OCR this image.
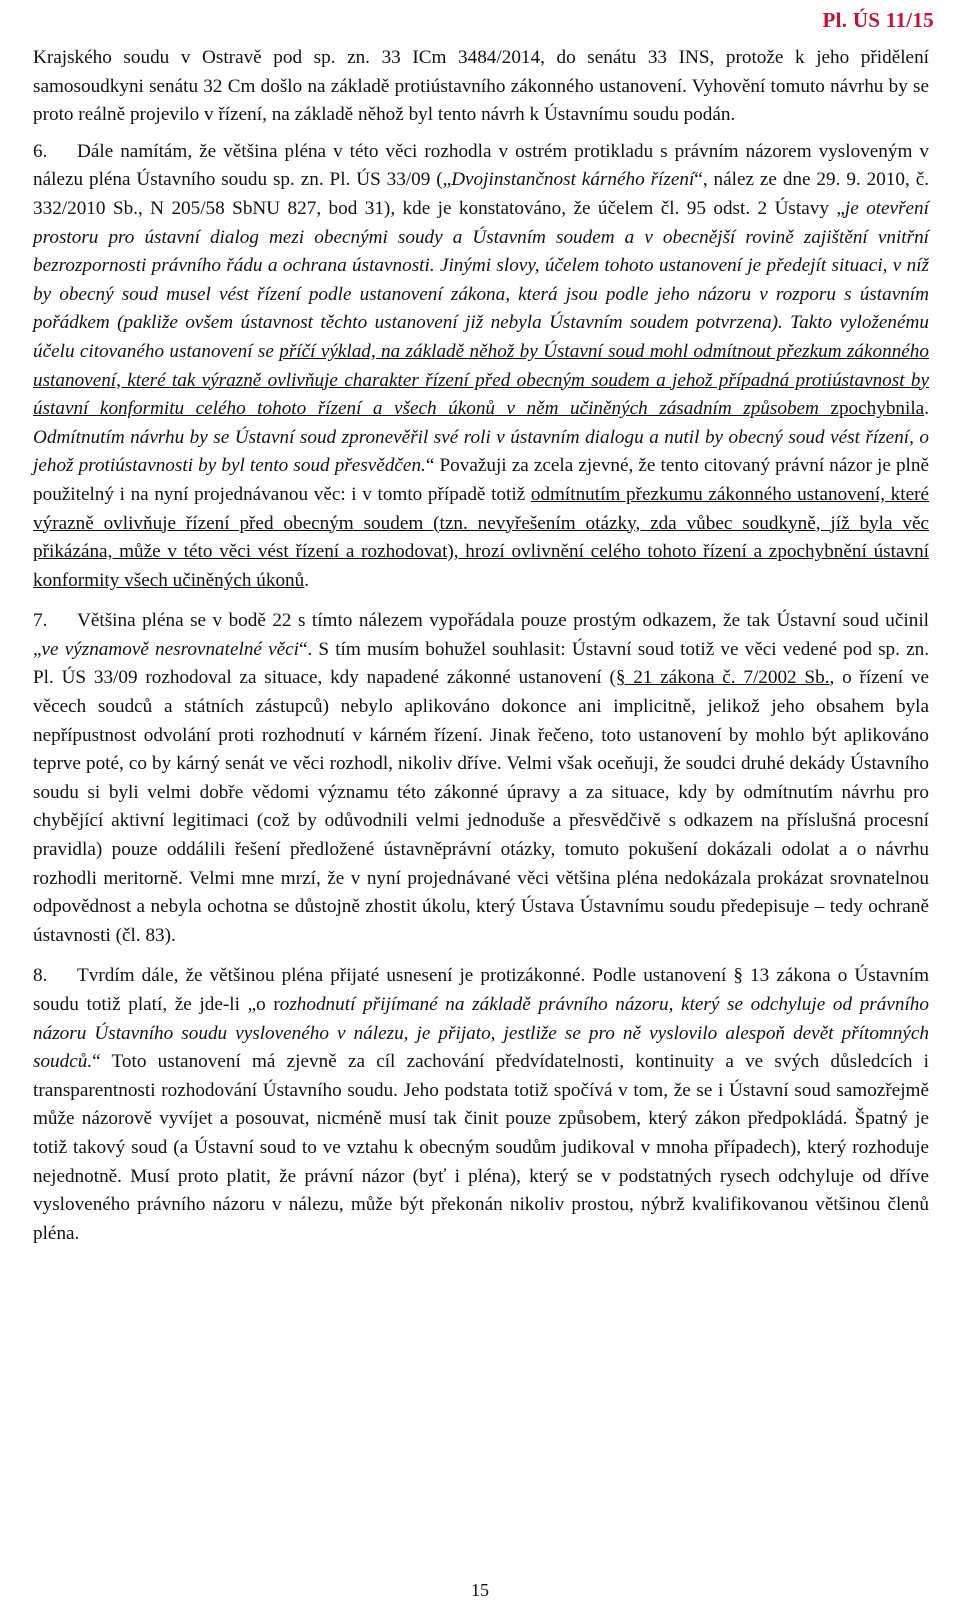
Pl. ÚS 11/15

Krajského soudu v Ostravě pod sp. zn. 33 ICm 3484/2014, do senátu 33 INS, protože k jeho přidělení samosoudkyni senátu 32 Cm došlo na základě protiústavního zákonného ustanovení. Vyhovění tomuto návrhu by se proto reálně projevilo v řízení, na základě něhož byl tento návrh k Ústavnímu soudu podán.

6. Dále namítám, že většina pléna v této věci rozhodla v ostrém protikladu s právním názorem vysloveným v nálezu pléna Ústavního soudu sp. zn. Pl. ÚS 33/09 („Dvojinstančnost kárného řízení“, nález ze dne 29. 9. 2010, č. 332/2010 Sb., N 205/58 SbNU 827, bod 31), kde je konstatováno, že účelem čl. 95 odst. 2 Ústavy „je otevření prostoru pro ústavní dialog mezi obecnými soudy a Ústavním soudem a v obecnější rovině zajištění vnitřní bezrozpornosti právního řádu a ochrana ústavnosti. Jinými slovy, účelem tohoto ustanovení je předejít situaci, v níž by obecný soud musel vést řízení podle ustanovení zákona, která jsou podle jeho názoru v rozporu s ústavním pořádkem (pakliže ovšem ústavnost těchto ustanovení již nebyla Ústavním soudem potvrzena). Takto vyloženému účelu citovaného ustanovení se příčí výklad, na základě něhož by Ústavní soud mohl odmítnout přezkum zákonného ustanovení, které tak výrazně ovlivňuje charakter řízení před obecným soudem a jehož případná protiústavnost by ústavní konformitu celého tohoto řízení a všech úkonů v něm učiněných zásadním způsobem zpochybnila. Odmítnutím návrhu by se Ústavní soud zpronevěřil své roli v ústavním dialogu a nutil by obecný soud vést řízení, o jehož protiústavnosti by byl tento soud přesvědčen.“ Považuji za zcela zjevné, že tento citovaný právní názor je plně použitelný i na nyní projednávanou věc: i v tomto případě totiž odmítnutím přezkumu zákonného ustanovení, které výrazně ovlivňuje řízení před obecným soudem (tzn. nevyřešením otázky, zda vůbec soudkyně, jíž byla věc přikázána, může v této věci vést řízení a rozhodovat), hrozí ovlivnění celého tohoto řízení a zpochybnění ústavní konformity všech učiněných úkonů.

7. Většina pléna se v bodě 22 s tímto nálezem vypořádala pouze prostým odkazem, že tak Ústavní soud učinil „ve významově nesrovnatelné věci“. S tím musím bohužel souhlasit: Ústavní soud totiž ve věci vedené pod sp. zn. Pl. ÚS 33/09 rozhodoval za situace, kdy napadené zákonné ustanovení (§ 21 zákona č. 7/2002 Sb., o řízení ve věcech soudců a státních zástupců) nebylo aplikováno dokonce ani implicitně, jelikož jeho obsahem byla nepřípustnost odvolání proti rozhodnutí v kárném řízení. Jinak řečeno, toto ustanovení by mohlo být aplikováno teprve poté, co by kárný senát ve věci rozhodl, nikoliv dříve. Velmi však oceňuji, že soudci druhé dekády Ústavního soudu si byli velmi dobře vědomi významu této zákonné úpravy a za situace, kdy by odmítnutím návrhu pro chybějící aktivní legitimaci (což by odůvodnili velmi jednoduše a přesvědčivě s odkazem na příslušná procesní pravidla) pouze oddálili řešení předložené ústavněprávní otázky, tomuto pokušení dokázali odolat a o návrhu rozhodli meritorně. Velmi mne mrzí, že v nyní projednávané věci většina pléna nedokázala prokázat srovnatelnou odpovědnost a nebyla ochotna se důstojně zhostit úkolu, který Ústava Ústavnímu soudu předepisuje – tedy ochraně ústavnosti (čl. 83).

8. Tvrdím dále, že většinou pléna přijaté usnesení je protizákonné. Podle ustanovení § 13 zákona o Ústavním soudu totiž platí, že jde-li „o rozhodnutí přijímané na základě právního názoru, který se odchyluje od právního názoru Ústavního soudu vysloveného v nálezu, je přijato, jestliže se pro ně vyslovilo alespoň devět přítomných soudců.“ Toto ustanovení má zjevně za cíl zachování předvídatelnosti, kontinuity a ve svých důsledcích i transparentnosti rozhodování Ústavního soudu. Jeho podstata totiž spočívá v tom, že se i Ústavní soud samozřejmě může názorově vyvíjet a posouvat, nicméně musí tak činit pouze způsobem, který zákon předpokládá. Špatný je totiž takový soud (a Ústavní soud to ve vztahu k obecným soudům judikoval v mnoha případech), který rozhoduje nejednotně. Musí proto platit, že právní názor (byť i pléna), který se v podstatných rysech odchyluje od dříve vysloveného právního názoru v nálezu, může být překonán nikoliv prostou, nýbrž kvalifikovanou většinou členů pléna.

15
